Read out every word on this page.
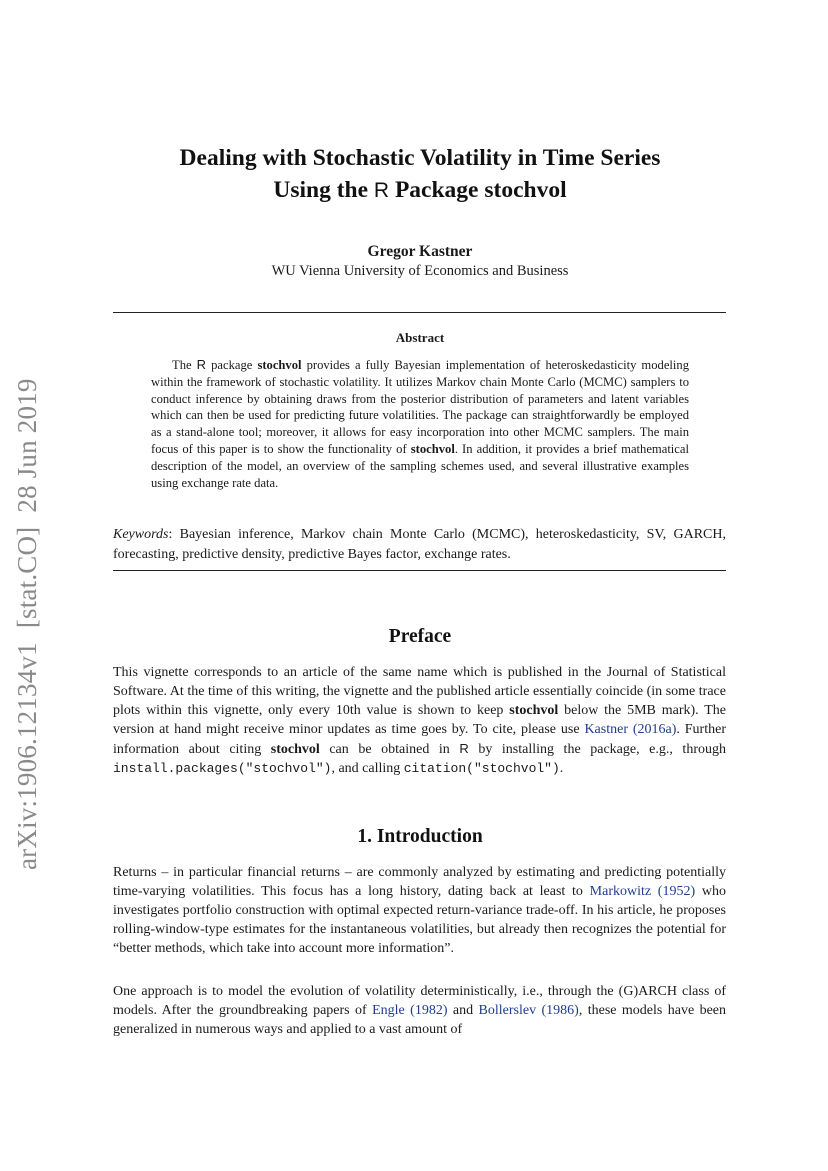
arXiv:1906.12134v1[stat.CO]28 Jun 2019
Dealing with Stochastic Volatility in Time Series
Using the R Package stochvol
Gregor Kastner
WU Vienna University of Economics and Business
Abstract
The R package stochvol provides a fully Bayesian implementation of heteroskedasticity modeling within the framework of stochastic volatility. It utilizes Markov chain Monte Carlo (MCMC) samplers to conduct inference by obtaining draws from the posterior distribution of parameters and latent variables which can then be used for predicting future volatilities. The package can straightforwardly be employed as a stand-alone tool; moreover, it allows for easy incorporation into other MCMC samplers. The main focus of this paper is to show the functionality of stochvol. In addition, it provides a brief mathematical description of the model, an overview of the sampling schemes used, and several illustrative examples using exchange rate data.
Keywords: Bayesian inference, Markov chain Monte Carlo (MCMC), heteroskedasticity, SV, GARCH, forecasting, predictive density, predictive Bayes factor, exchange rates.
Preface
This vignette corresponds to an article of the same name which is published in the Journal of Statistical Software. At the time of this writing, the vignette and the published article essentially coincide (in some trace plots within this vignette, only every 10th value is shown to keep stochvol below the 5MB mark). The version at hand might receive minor updates as time goes by. To cite, please use Kastner (2016a). Further information about citing stochvol can be obtained in R by installing the package, e.g., through install.packages("stochvol"), and calling citation("stochvol").
1. Introduction
Returns – in particular financial returns – are commonly analyzed by estimating and predicting potentially time-varying volatilities. This focus has a long history, dating back at least to Markowitz (1952) who investigates portfolio construction with optimal expected return-variance trade-off. In his article, he proposes rolling-window-type estimates for the instantaneous volatilities, but already then recognizes the potential for “better methods, which take into account more information”.
One approach is to model the evolution of volatility deterministically, i.e., through the (G)ARCH class of models. After the groundbreaking papers of Engle (1982) and Bollerslev (1986), these models have been generalized in numerous ways and applied to a vast amount of
